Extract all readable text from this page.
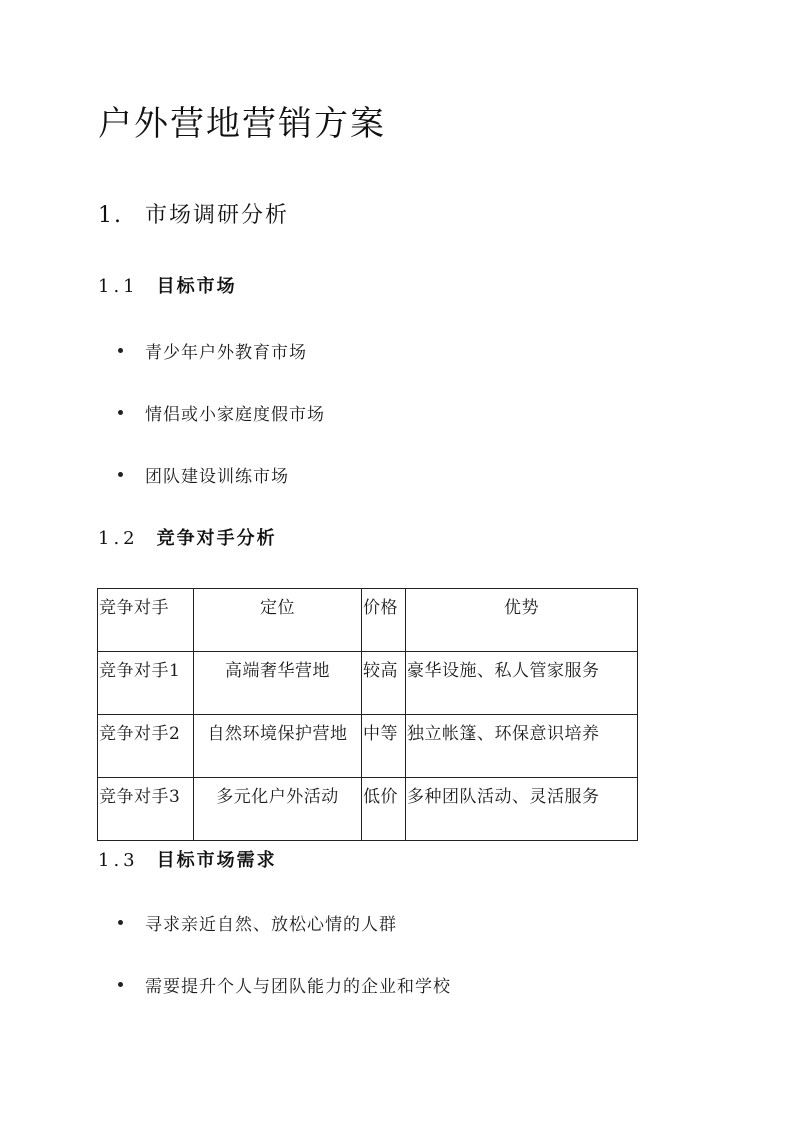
户外营地营销方案
1. 市场调研分析
1.1 目标市场
青少年户外教育市场
情侣或小家庭度假市场
团队建设训练市场
1.2 竞争对手分析
竞争对手	定位	价格	优势
竞争对手1	高端奢华营地	较高	豪华设施、私人管家服务
竞争对手2	自然环境保护营地	中等	独立帐篷、环保意识培养
竞争对手3	多元化户外活动	低价	多种团队活动、灵活服务
1.3 目标市场需求
寻求亲近自然、放松心情的人群
需要提升个人与团队能力的企业和学校
